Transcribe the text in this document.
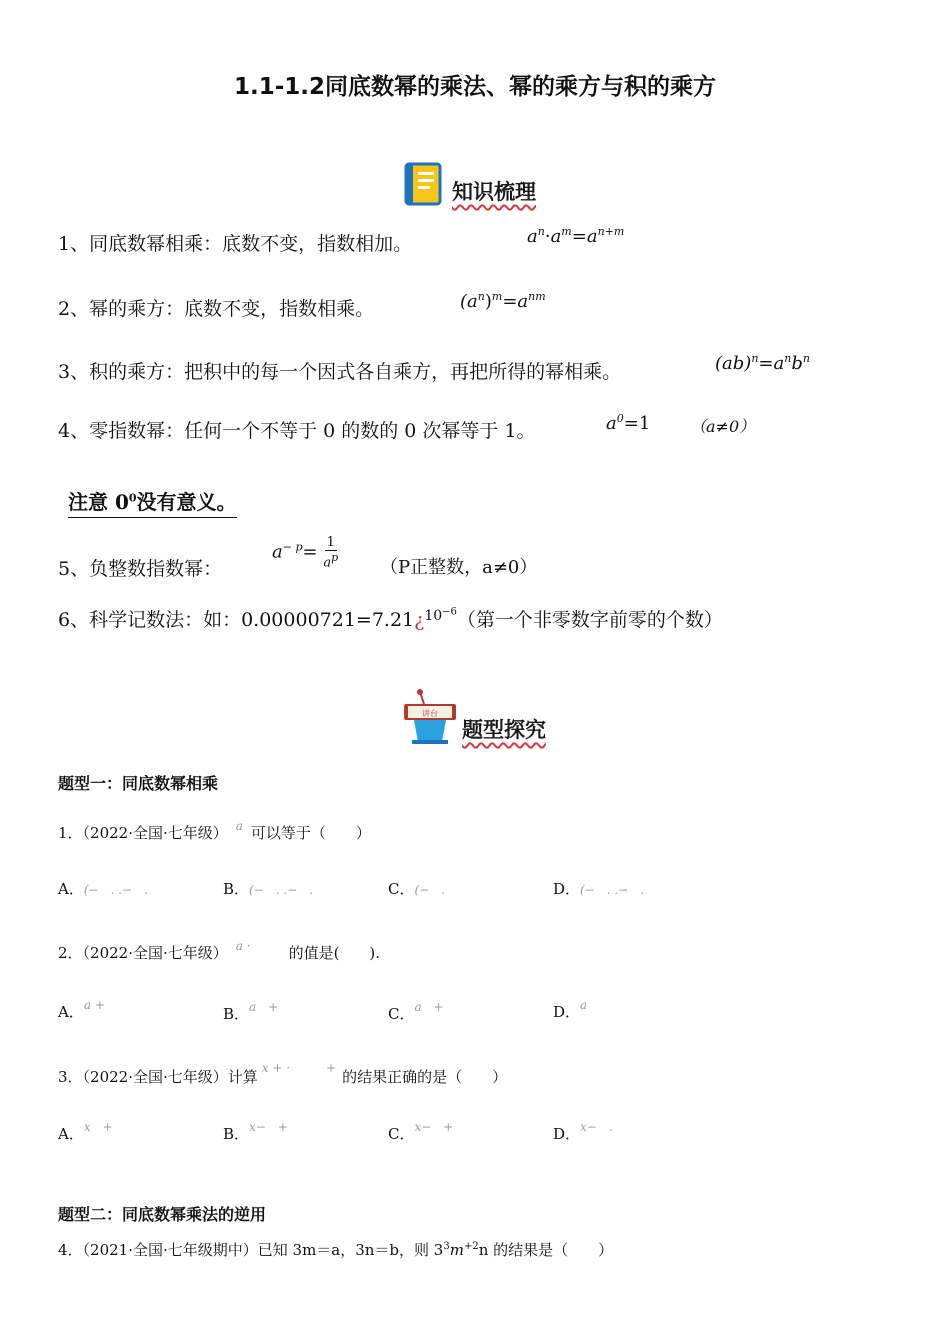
1.1-1.2同底数幂的乘法、幂的乘方与积的乘方
知识梳理
1、同底数幂相乘：底数不变，指数相加。	$a^n\cdot a^m=a^{n+m}$
2、幂的乘方：底数不变，指数相乘。	$(a^n)^m=a^{nm}$
3、积的乘方：把积中的每一个因式各自乘方，再把所得的幂相乘。	$(ab)^n=a^nb^n$
4、零指数幂：任何一个不等于 0 的数的 0 次幂等于 1。	$a^0=1$ （a≠0）
注意 $0^0$没有意义。
5、负整数指数幂：
$a^{- p}= \frac{1}{a^p} (P$正整数，a≠0）
6、科学记数法：如：0.00000721=7.21¿$^{10^{-6}}$（第一个非零数字前零的个数）
讲台
题型探究
题型一：同底数幂相乘
1．（2022·全国·七年级） $^a$ 可以等于（　　）
A．(−　. .−　.	B．(−　. .−　.	C．(−　.	D．(−　. .−　.
2．（2022·全国·七年级） $^{a \cdot}$	的值是(　　).
A．$^{a +}$	B．$^{a +}$	C．$^{a +}$	D．$^a$
3．（2022·全国·七年级）计算 $^{x + \cdot +}$ 的结果正确的是（　　）
A．$^{x +}$	B．$^{x- +}$	C．$^{x- +}$	D．$^{x- .}$
题型二：同底数幂乘法的逆用
4．（2021·全国·七年级期中）已知 3m＝a，3n＝b，则 $3^3m^{+2}n$ 的结果是（　　）
